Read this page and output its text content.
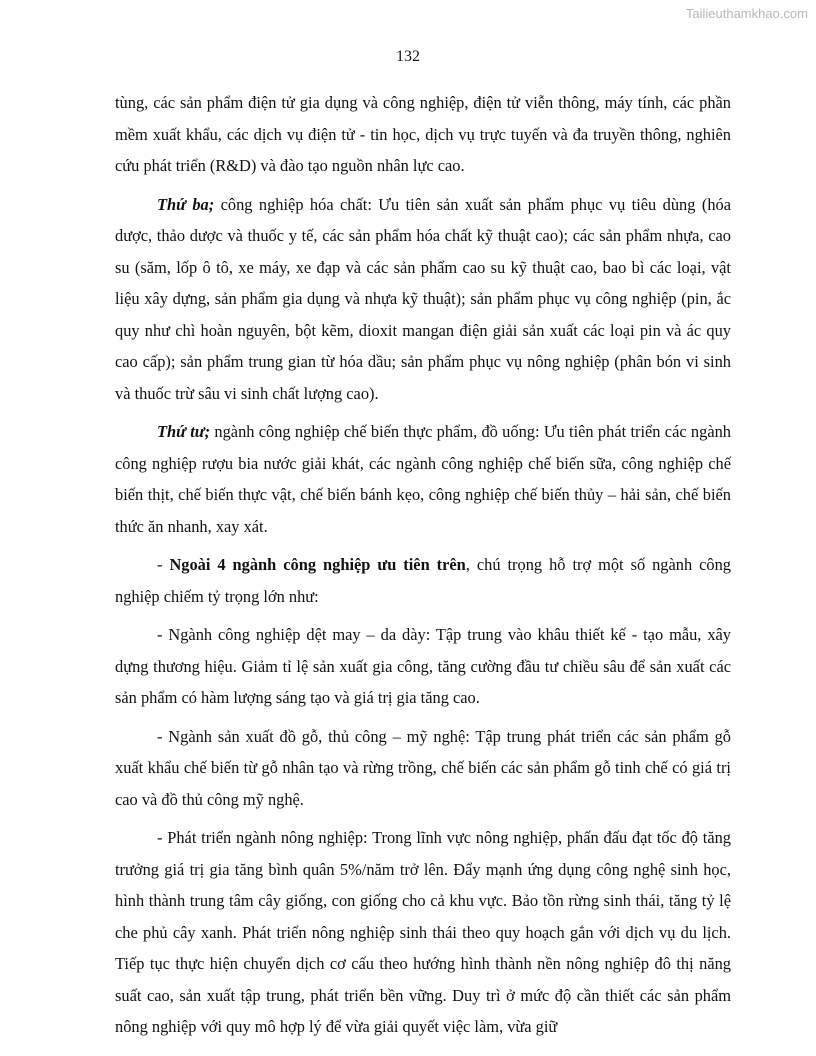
Tailieuthamkhao.com
132

tùng, các sản phẩm điện tử gia dụng và công nghiệp, điện tử viễn thông, máy tính, các phần mềm xuất khẩu, các dịch vụ điện tử - tin học, dịch vụ trực tuyến và đa truyền thông, nghiên cứu phát triển (R&D) và đào tạo nguồn nhân lực cao.

Thứ ba; công nghiệp hóa chất: Ưu tiên sản xuất sản phẩm phục vụ tiêu dùng (hóa dược, thảo dược và thuốc y tế, các sản phẩm hóa chất kỹ thuật cao); các sản phẩm nhựa, cao su (săm, lốp ô tô, xe máy, xe đạp và các sản phẩm cao su kỹ thuật cao, bao bì các loại, vật liệu xây dựng, sản phẩm gia dụng và nhựa kỹ thuật); sản phẩm phục vụ công nghiệp (pin, ắc quy như chì hoàn nguyên, bột kẽm, dioxit mangan điện giải sản xuất các loại pin và ác quy cao cấp); sản phẩm trung gian từ hóa dầu; sản phẩm phục vụ nông nghiệp (phân bón vi sinh và thuốc trừ sâu vi sinh chất lượng cao).

Thứ tư; ngành công nghiệp chế biến thực phẩm, đồ uống: Ưu tiên phát triển các ngành công nghiệp rượu bia nước giải khát, các ngành công nghiệp chế biến sữa, công nghiệp chế biến thịt, chế biến thực vật, chế biến bánh kẹo, công nghiệp chế biến thủy – hải sản, chế biến thức ăn nhanh, xay xát.

- Ngoài 4 ngành công nghiệp ưu tiên trên, chú trọng hỗ trợ một số ngành công nghiệp chiếm tỷ trọng lớn như:

- Ngành công nghiệp dệt may – da dày: Tập trung vào khâu thiết kế - tạo mẫu, xây dựng thương hiệu. Giảm tỉ lệ sản xuất gia công, tăng cường đầu tư chiều sâu để sản xuất các sản phẩm có hàm lượng sáng tạo và giá trị gia tăng cao.

- Ngành sản xuất đồ gỗ, thủ công – mỹ nghệ: Tập trung phát triển các sản phẩm gỗ xuất khẩu chế biến từ gỗ nhân tạo và rừng trồng, chế biến các sản phẩm gỗ tinh chế có giá trị cao và đồ thủ công mỹ nghệ.

- Phát triển ngành nông nghiệp: Trong lĩnh vực nông nghiệp, phấn đấu đạt tốc độ tăng trưởng giá trị gia tăng bình quân 5%/năm trở lên. Đẩy mạnh ứng dụng công nghệ sinh học, hình thành trung tâm cây giống, con giống cho cả khu vực. Bảo tồn rừng sinh thái, tăng tỷ lệ che phủ cây xanh. Phát triển nông nghiệp sinh thái theo quy hoạch gắn với dịch vụ du lịch. Tiếp tục thực hiện chuyển dịch cơ cấu theo hướng hình thành nền nông nghiệp đô thị năng suất cao, sản xuất tập trung, phát triển bền vững. Duy trì ở mức độ cần thiết các sản phẩm nông nghiệp với quy mô hợp lý để vừa giải quyết việc làm, vừa giữ
